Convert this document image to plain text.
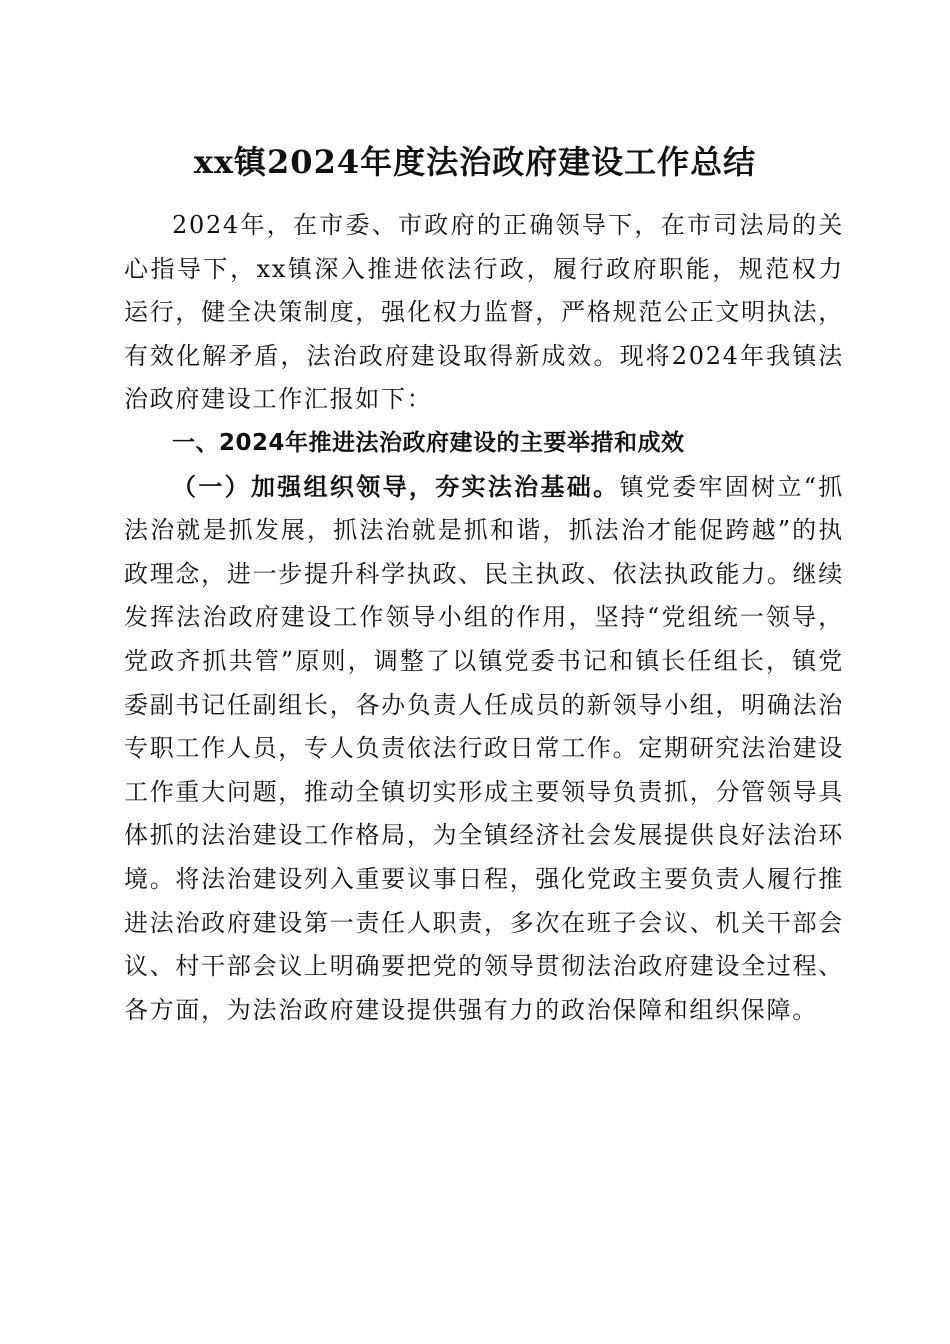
xx镇2024年度法治政府建设工作总结

2024年，在市委、市政府的正确领导下，在市司法局的关心指导下，xx镇深入推进依法行政，履行政府职能，规范权力运行，健全决策制度，强化权力监督，严格规范公正文明执法，有效化解矛盾，法治政府建设取得新成效。现将2024年我镇法治政府建设工作汇报如下：

一、2024年推进法治政府建设的主要举措和成效

（一）加强组织领导，夯实法治基础。镇党委牢固树立“抓法治就是抓发展，抓法治就是抓和谐，抓法治才能促跨越”的执政理念，进一步提升科学执政、民主执政、依法执政能力。继续发挥法治政府建设工作领导小组的作用，坚持“党组统一领导，党政齐抓共管”原则，调整了以镇党委书记和镇长任组长，镇党委副书记任副组长，各办负责人任成员的新领导小组，明确法治专职工作人员，专人负责依法行政日常工作。定期研究法治建设工作重大问题，推动全镇切实形成主要领导负责抓，分管领导具体抓的法治建设工作格局，为全镇经济社会发展提供良好法治环境。将法治建设列入重要议事日程，强化党政主要负责人履行推进法治政府建设第一责任人职责，多次在班子会议、机关干部会议、村干部会议上明确要把党的领导贯彻法治政府建设全过程、各方面，为法治政府建设提供强有力的政治保障和组织保障。
